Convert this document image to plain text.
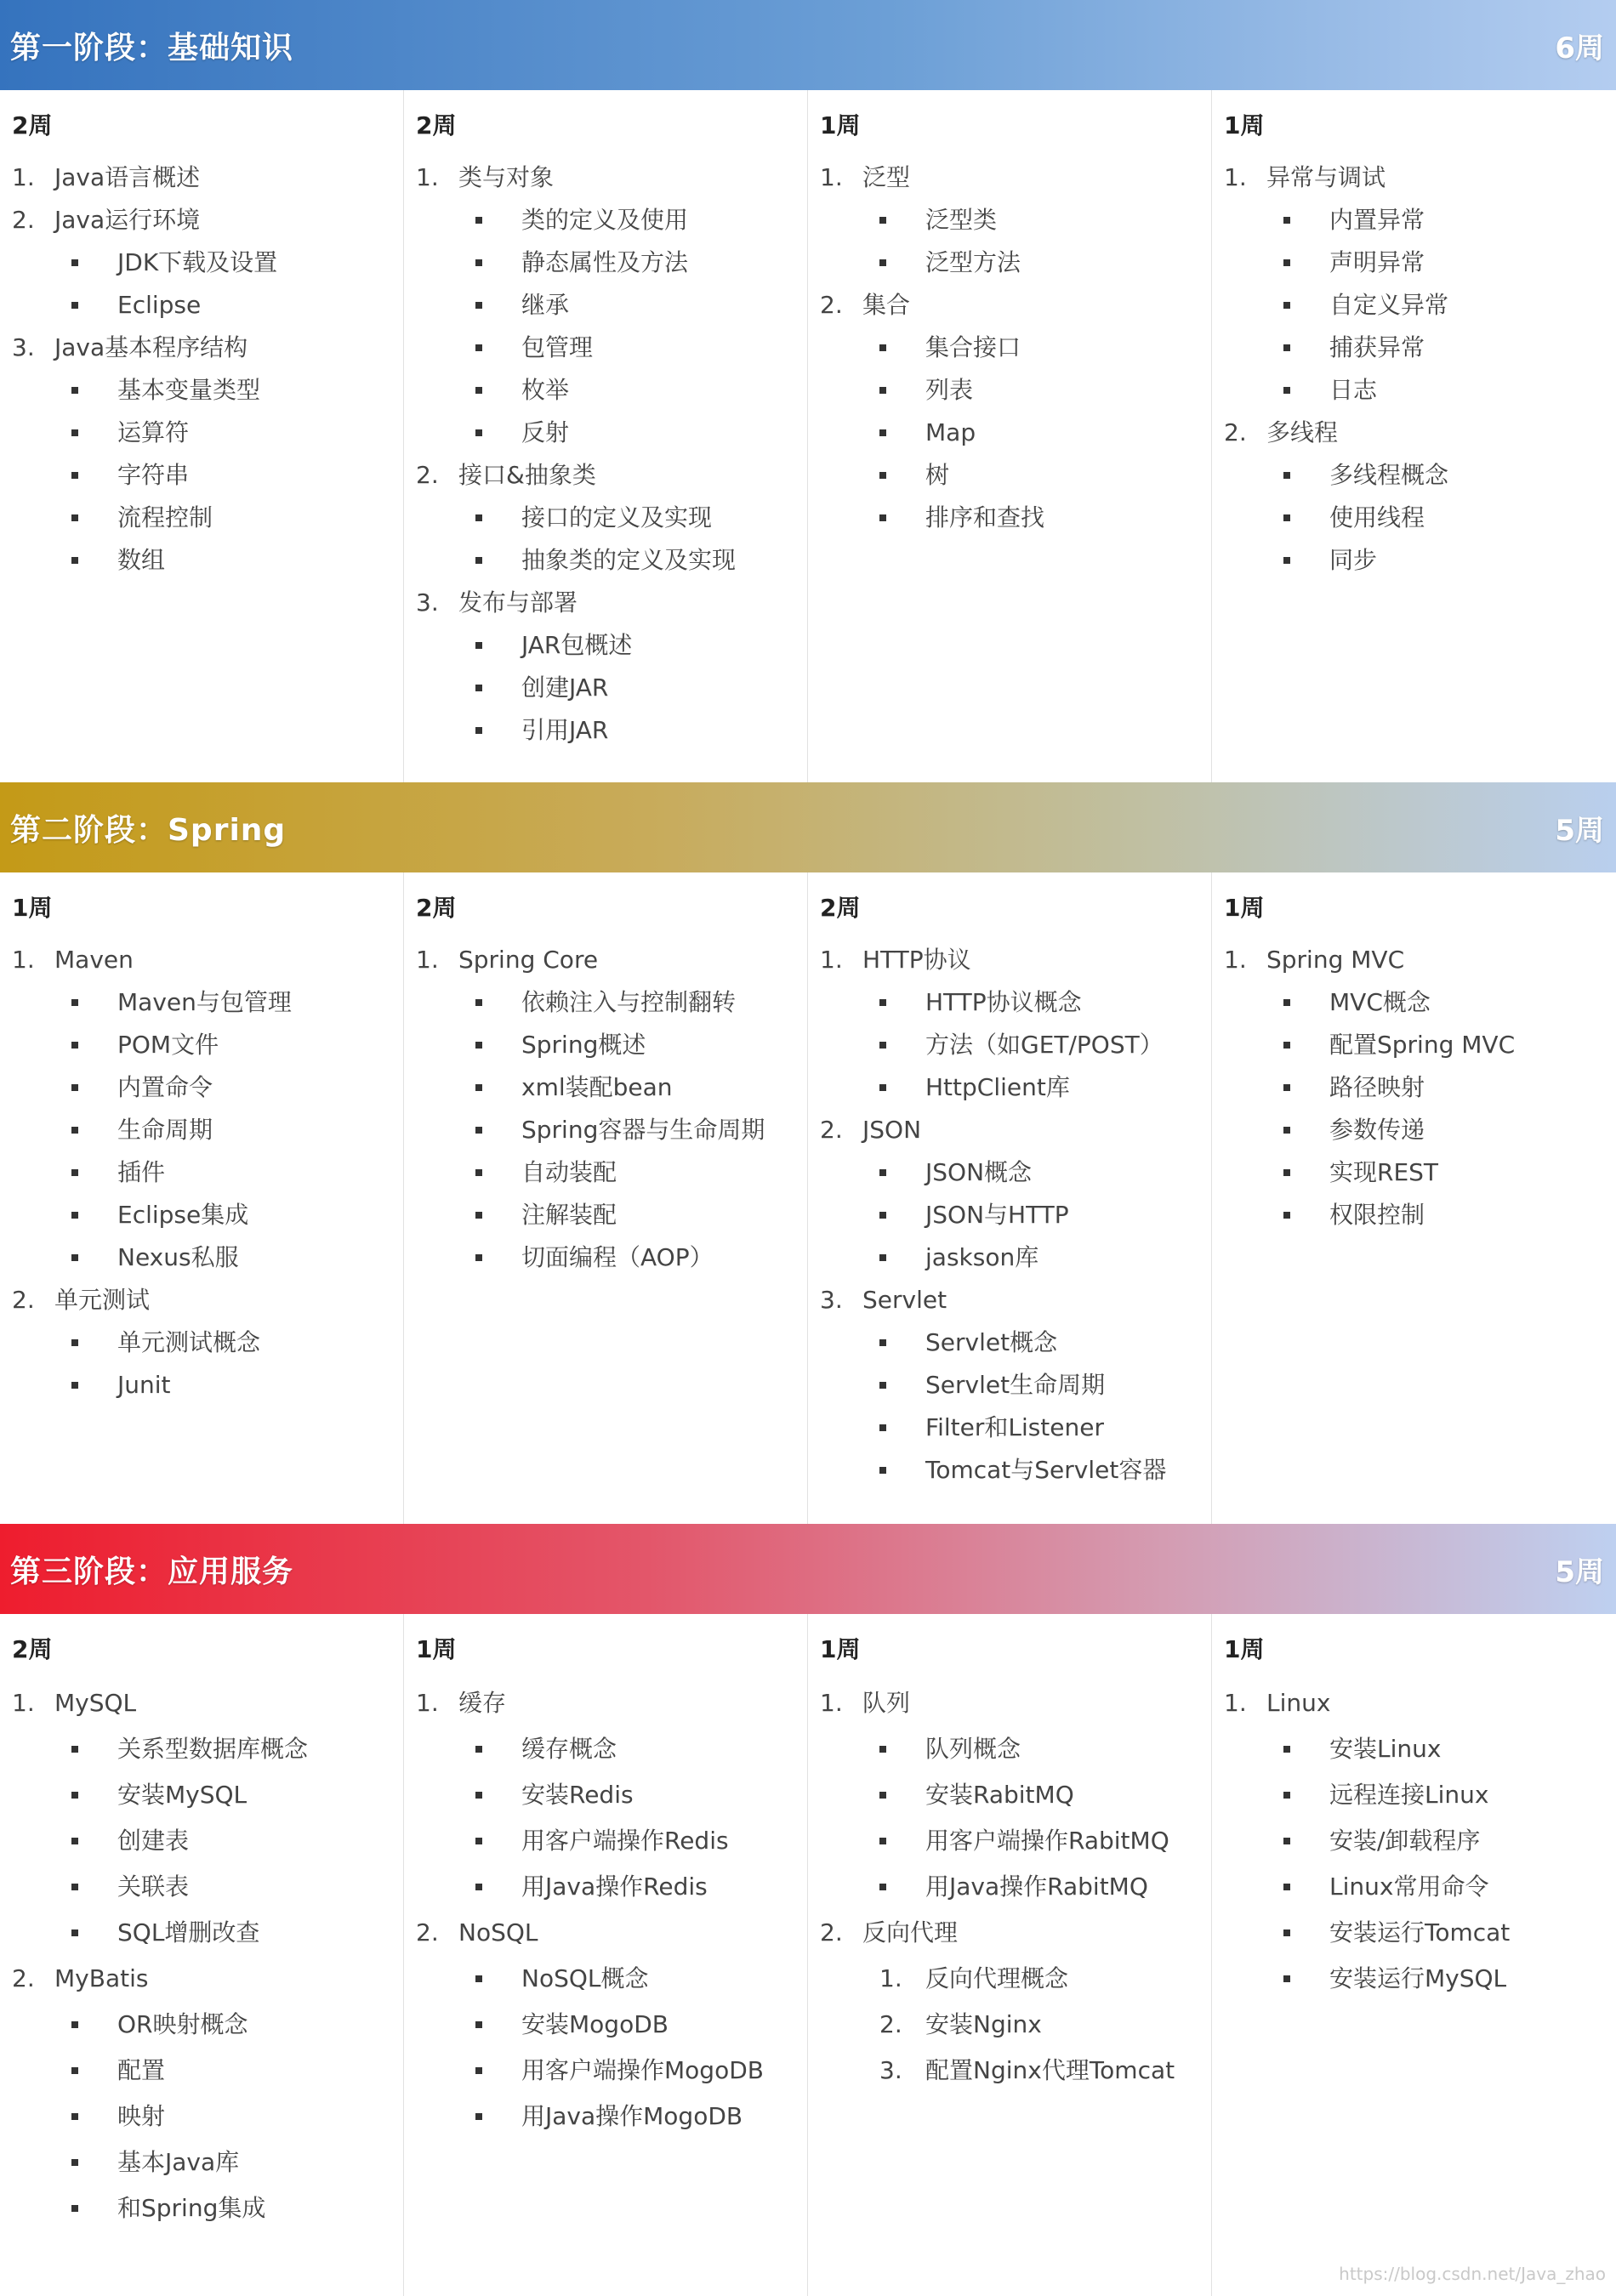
第一阶段：基础知识	6周
2周
1. Java语言概述
2. Java运行环境
JDK下载及设置
Eclipse
3. Java基本程序结构
基本变量类型
运算符
字符串
流程控制
数组
2周
1. 类与对象
类的定义及使用
静态属性及方法
继承
包管理
枚举
反射
2. 接口&抽象类
接口的定义及实现
抽象类的定义及实现
3. 发布与部署
JAR包概述
创建JAR
引用JAR
1周
1. 泛型
泛型类
泛型方法
2. 集合
集合接口
列表
Map
树
排序和查找
1周
1. 异常与调试
内置异常
声明异常
自定义异常
捕获异常
日志
2. 多线程
多线程概念
使用线程
同步
第二阶段：Spring	5周
1周
1. Maven
Maven与包管理
POM文件
内置命令
生命周期
插件
Eclipse集成
Nexus私服
2. 单元测试
单元测试概念
Junit
2周
1. Spring Core
依赖注入与控制翻转
Spring概述
xml装配bean
Spring容器与生命周期
自动装配
注解装配
切面编程（AOP）
2周
1. HTTP协议
HTTP协议概念
方法（如GET/POST）
HttpClient库
2. JSON
JSON概念
JSON与HTTP
jaskson库
3. Servlet
Servlet概念
Servlet生命周期
Filter和Listener
Tomcat与Servlet容器
1周
1. Spring MVC
MVC概念
配置Spring MVC
路径映射
参数传递
实现REST
权限控制
第三阶段：应用服务	5周
2周
1. MySQL
关系型数据库概念
安装MySQL
创建表
关联表
SQL增删改查
2. MyBatis
OR映射概念
配置
映射
基本Java库
和Spring集成
1周
1. 缓存
缓存概念
安装Redis
用客户端操作Redis
用Java操作Redis
2. NoSQL
NoSQL概念
安装MogoDB
用客户端操作MogoDB
用Java操作MogoDB
1周
1. 队列
队列概念
安装RabitMQ
用客户端操作RabitMQ
用Java操作RabitMQ
2. 反向代理
1. 反向代理概念
2. 安装Nginx
3. 配置Nginx代理Tomcat
1周
1. Linux
安装Linux
远程连接Linux
安装/卸载程序
Linux常用命令
安装运行Tomcat
安装运行MySQL
https://blog.csdn.net/Java_zhao
